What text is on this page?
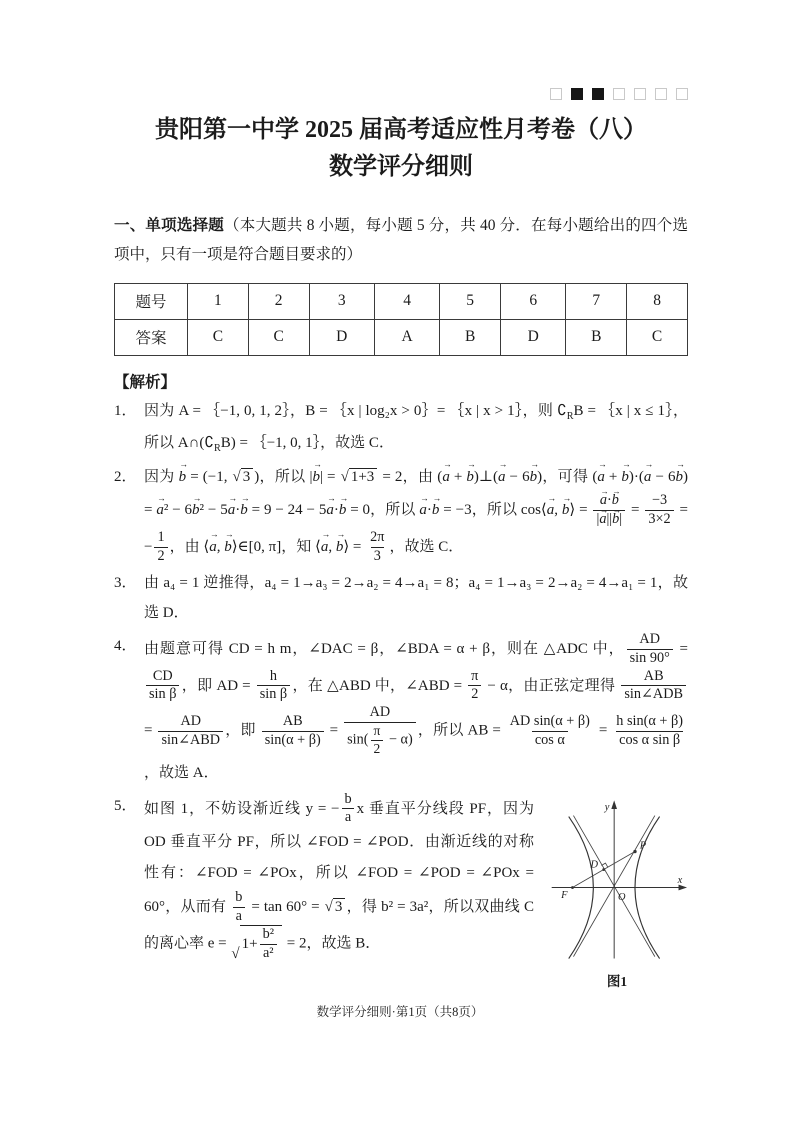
贵阳第一中学 2025 届高考适应性月考卷（八）
数学评分细则

一、单项选择题（本大题共 8 小题，每小题 5 分，共 40 分．在每小题给出的四个选项中，只有一项是符合题目要求的）

题号	1	2	3	4	5	6	7	8
答案	C	C	D	A	B	D	B	C

【解析】

1． 因为 A = ｛−1, 0, 1, 2｝，B = ｛x | log₂x > 0｝= ｛x | x > 1｝，则 $∁_RB$ = ｛x | x ≤ 1｝，所以 $A\cap(∁_RB)$ = ｛−1, 0, 1｝，故选 C．
2． 因为 b → = (−1, √ 3 )，所以 |b →| = √ 1+3 = 2，由 (a → + b →)⊥(a → − 6b →)，可得 (a → + b →)·(a → − 6b →) = a →² − 6b →² − 5a →·b → = 9 − 24 − 5a →·b → = 0，所以 a →·b → = −3，所以 cos⟨a →, b →⟩ = $\frac{a \to\cdot b \to}{|a \to||b \to|} = \frac{-3}{3\times 2}$ = − $\frac{1}{2}$ ，由 ⟨a →, b →⟩∈[0, π]，知 ⟨a →, b →⟩ = $\frac{2\pi}{3}$ ，故选 C．
3． 由 a₄ = 1 逆推得，a₄ = 1→a₃ = 2→a₂ = 4→a₁ = 8；a₄ = 1→a₃ = 2→a₂ = 4→a₁ = 1，故选 D．
4． 由题意可得 CD = h m，∠DAC = β，∠BDA = α + β，则在 △ADC 中， $\frac{AD}{\sin 90^\circ}$ =
$\frac{CD}{\text{sin β}}$ ，即 AD = $\frac{h}{\text{sin β}}$ ，在 △ABD 中，∠ABD = $\frac{\pi}{2} - \alpha$，由正弦定理得 $\frac{AB}{\text{sin∠ADB}}$
= $\frac{AD}{\text{sin∠ABD}}$ ，即 $\frac{AB}{\sin(\alpha + \beta)} = \frac{AD}{\sin( \frac{\pi}{2} - \alpha)}$ ，所以 AB = $\frac{\text{AD sin(α + β)}}{\text{cos α}} = \frac{\text{h sin(α + β)}}{\text{cos α sin β}}$
，故选 A．
5．	y
x
O
F
D
P
图1
如图 1，不妨设渐近线 y = − $\frac{b}{a}$ x 垂直平分线段 PF，因为 OD 垂直平分 PF，所以 ∠FOD = ∠POD．由渐近线的对称性有：∠FOD = ∠POx，所以 ∠FOD = ∠POD = ∠POx = 60°，从而有 $\frac{b}{a} = \tan 60^\circ$ = √ 3 ，得 b² = 3a²，所以双曲线 C 的离心率 e =
√
$1+ \frac{\text{b²}}{\text{a²}} = 2$，故选 B．
数学评分细则·第1页（共8页）
